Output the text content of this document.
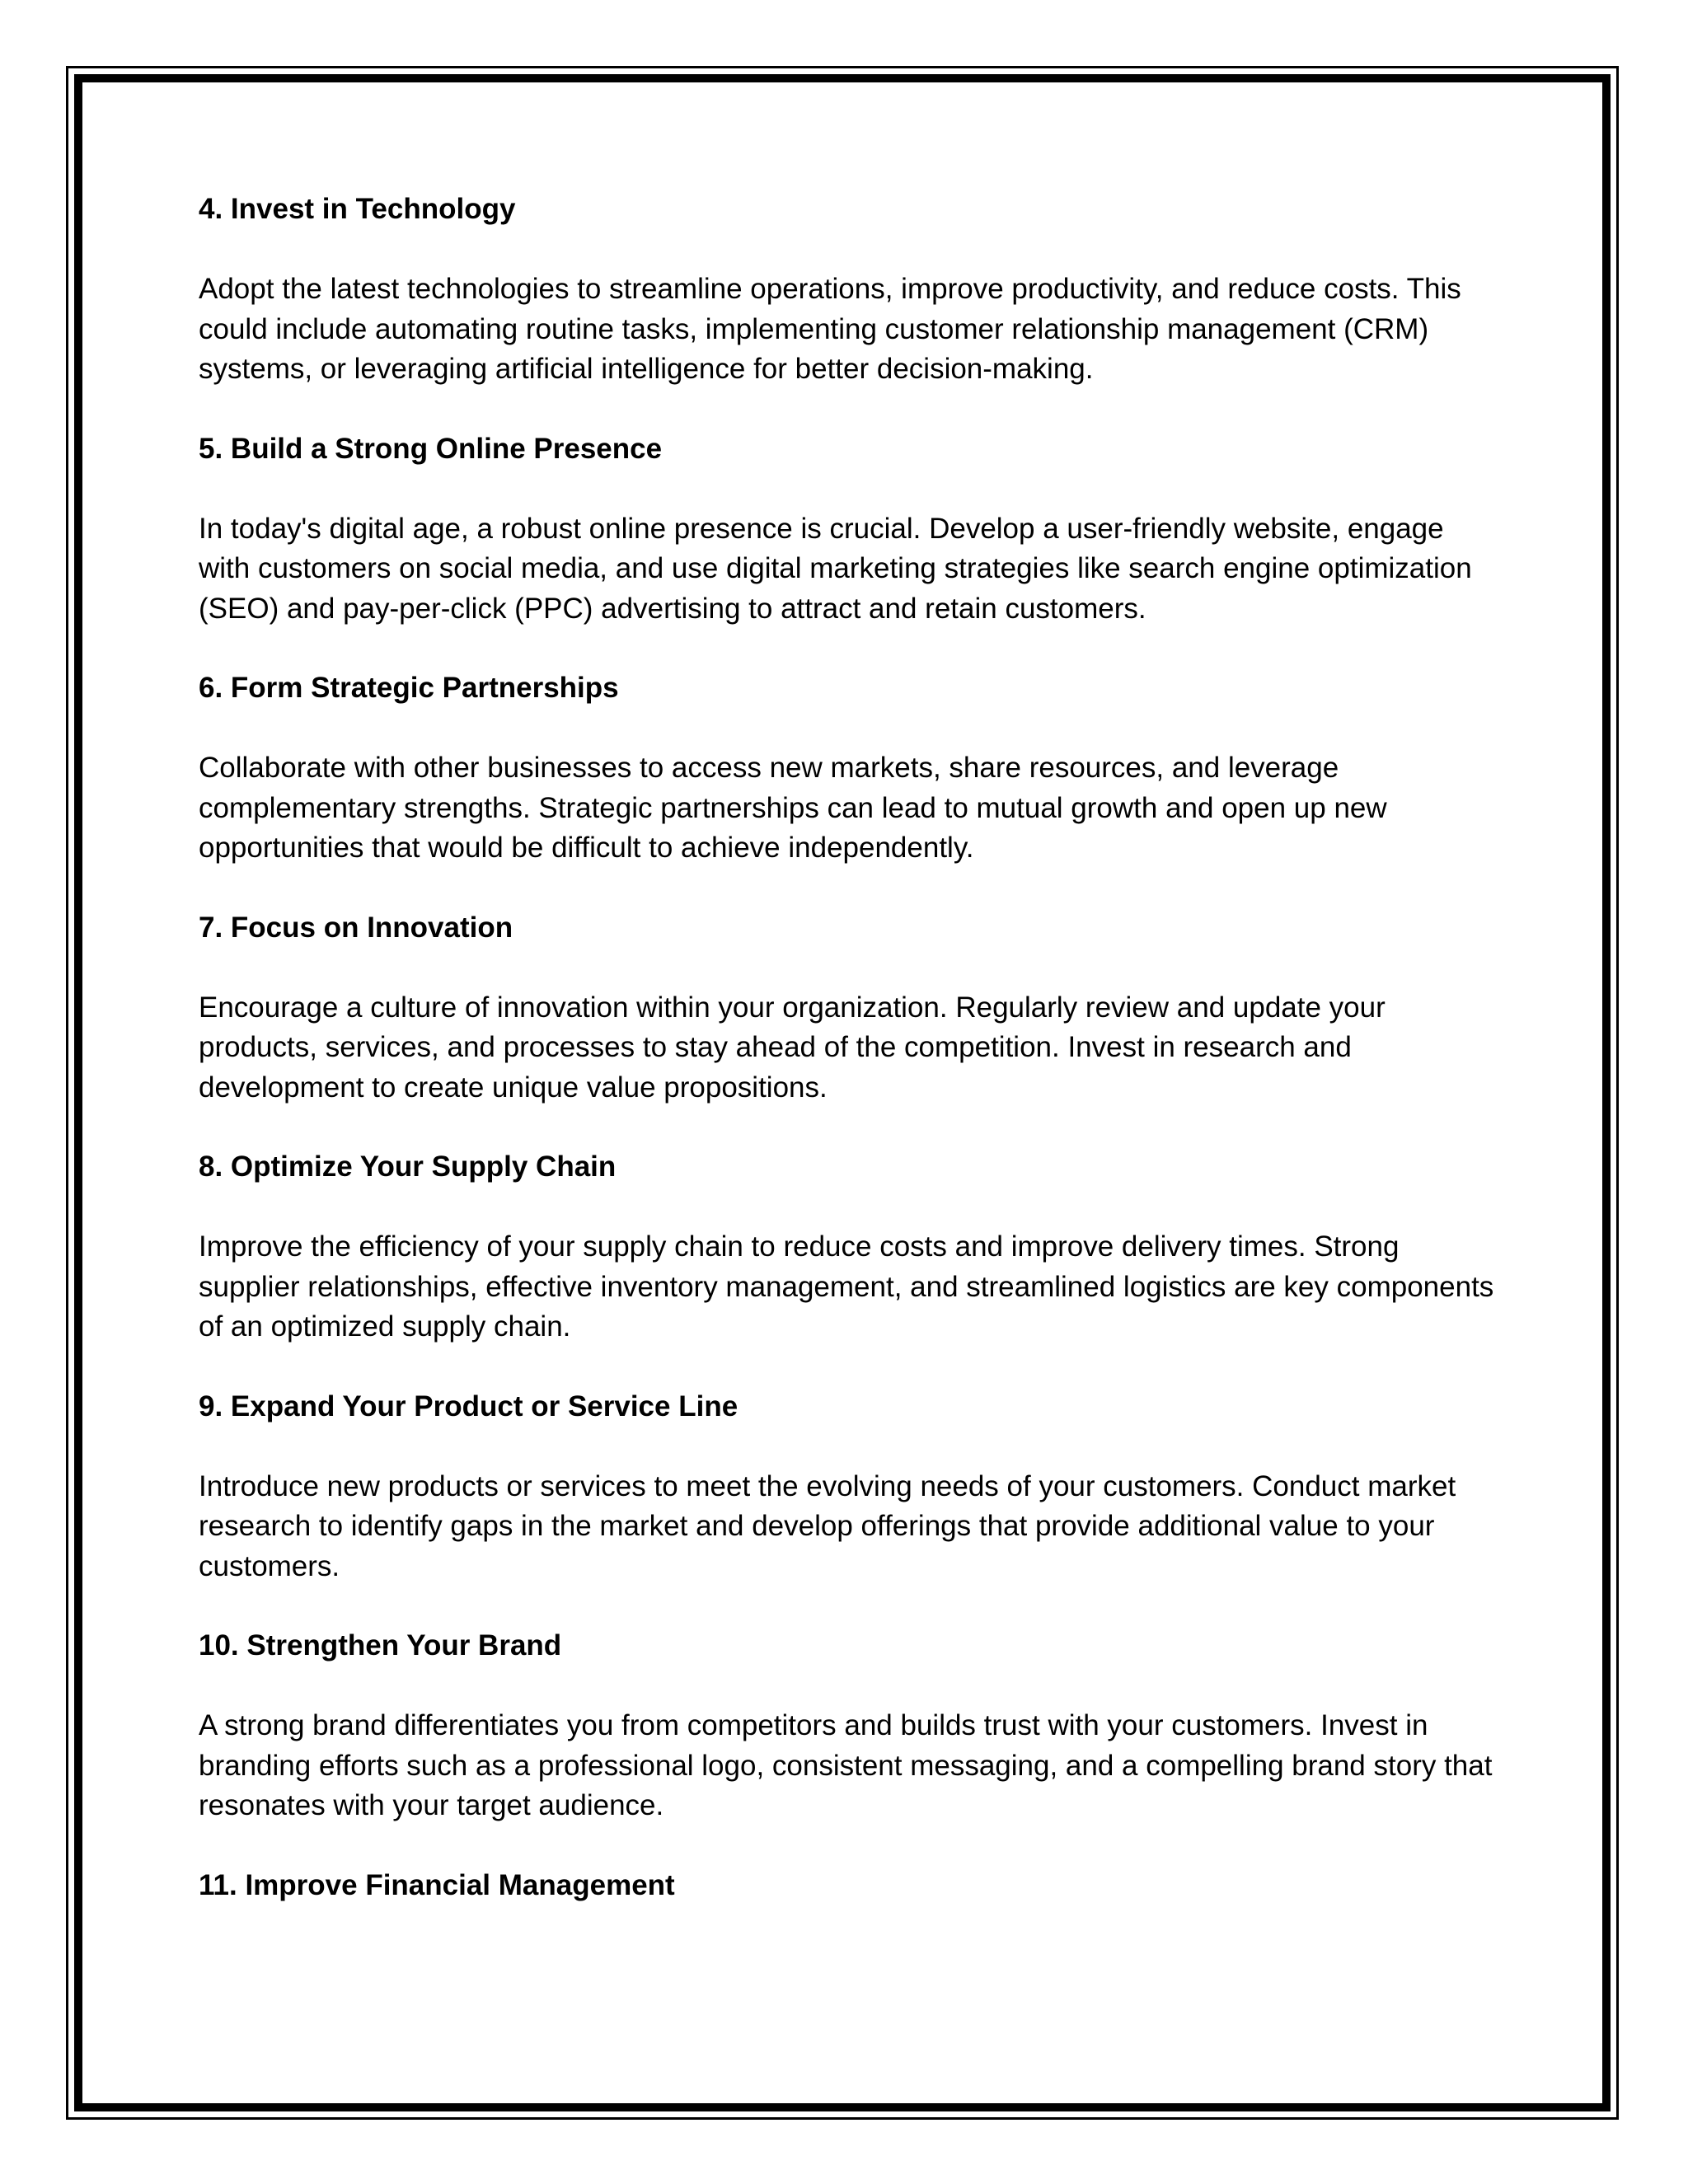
4. Invest in Technology

Adopt the latest technologies to streamline operations, improve productivity, and reduce costs. This could include automating routine tasks, implementing customer relationship management (CRM) systems, or leveraging artificial intelligence for better decision-making.

5. Build a Strong Online Presence

In today's digital age, a robust online presence is crucial. Develop a user-friendly website, engage with customers on social media, and use digital marketing strategies like search engine optimization (SEO) and pay-per-click (PPC) advertising to attract and retain customers.

6. Form Strategic Partnerships

Collaborate with other businesses to access new markets, share resources, and leverage complementary strengths. Strategic partnerships can lead to mutual growth and open up new opportunities that would be difficult to achieve independently.

7. Focus on Innovation

Encourage a culture of innovation within your organization. Regularly review and update your products, services, and processes to stay ahead of the competition. Invest in research and development to create unique value propositions.

8. Optimize Your Supply Chain

Improve the efficiency of your supply chain to reduce costs and improve delivery times. Strong supplier relationships, effective inventory management, and streamlined logistics are key components of an optimized supply chain.

9. Expand Your Product or Service Line

Introduce new products or services to meet the evolving needs of your customers. Conduct market research to identify gaps in the market and develop offerings that provide additional value to your customers.

10. Strengthen Your Brand

A strong brand differentiates you from competitors and builds trust with your customers. Invest in branding efforts such as a professional logo, consistent messaging, and a compelling brand story that resonates with your target audience.

11. Improve Financial Management
